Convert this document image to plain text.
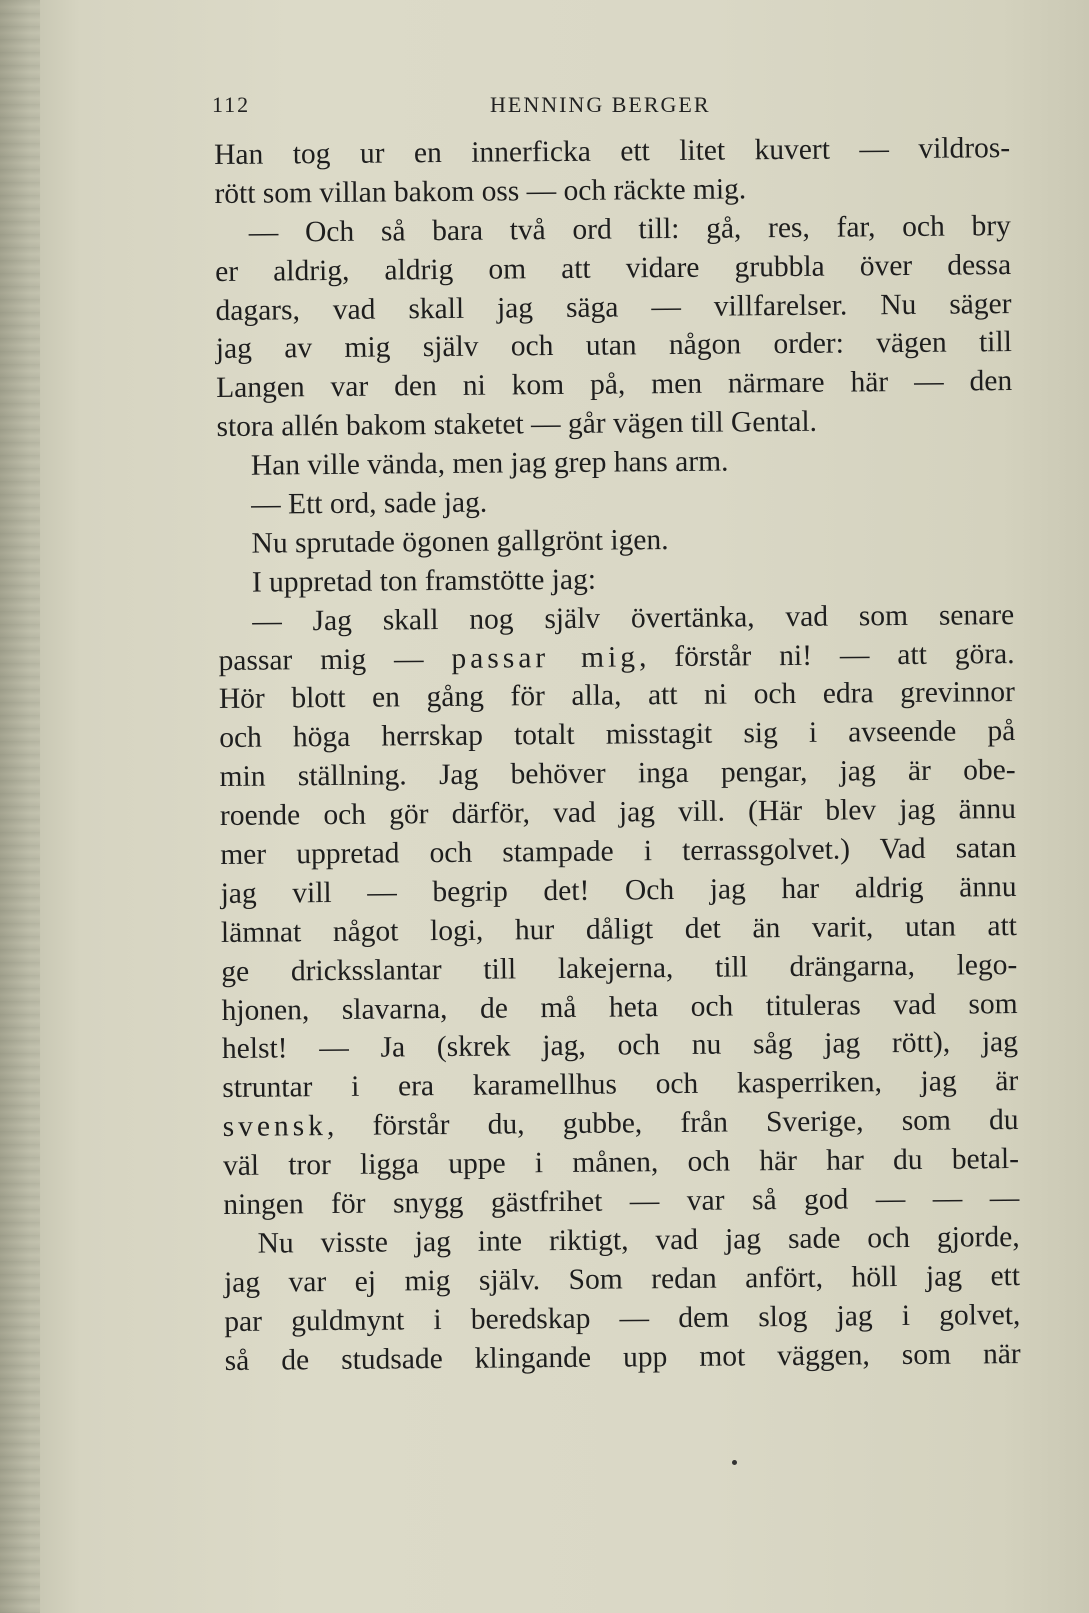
112	HENNING BERGER
Han tog ur en innerficka ett litet kuvert — vildros-
rött som villan bakom oss — och räckte mig.
— Och så bara två ord till: gå, res, far, och bry
er aldrig, aldrig om att vidare grubbla över dessa
dagars, vad skall jag säga — villfarelser. Nu säger
jag av mig själv och utan någon order: vägen till
Langen var den ni kom på, men närmare här — den
stora allén bakom staketet — går vägen till Gental.
Han ville vända, men jag grep hans arm.
— Ett ord, sade jag.
Nu sprutade ögonen gallgrönt igen.
I uppretad ton framstötte jag:
— Jag skall nog själv övertänka, vad som senare
passar mig — passar mig, förstår ni! — att göra.
Hör blott en gång för alla, att ni och edra grevinnor
och höga herrskap totalt misstagit sig i avseende på
min ställning. Jag behöver inga pengar, jag är obe-
roende och gör därför, vad jag vill. (Här blev jag ännu
mer uppretad och stampade i terrassgolvet.) Vad satan
jag vill — begrip det! Och jag har aldrig ännu
lämnat något logi, hur dåligt det än varit, utan att
ge dricksslantar till lakejerna, till drängarna, lego-
hjonen, slavarna, de må heta och tituleras vad som
helst! — Ja (skrek jag, och nu såg jag rött), jag
struntar i era karamellhus och kasperriken, jag är
svensk, förstår du, gubbe, från Sverige, som du
väl tror ligga uppe i månen, och här har du betal-
ningen för snygg gästfrihet — var så god — — —
Nu visste jag inte riktigt, vad jag sade och gjorde,
jag var ej mig själv. Som redan anfört, höll jag ett
par guldmynt i beredskap — dem slog jag i golvet,
så de studsade klingande upp mot väggen, som när
